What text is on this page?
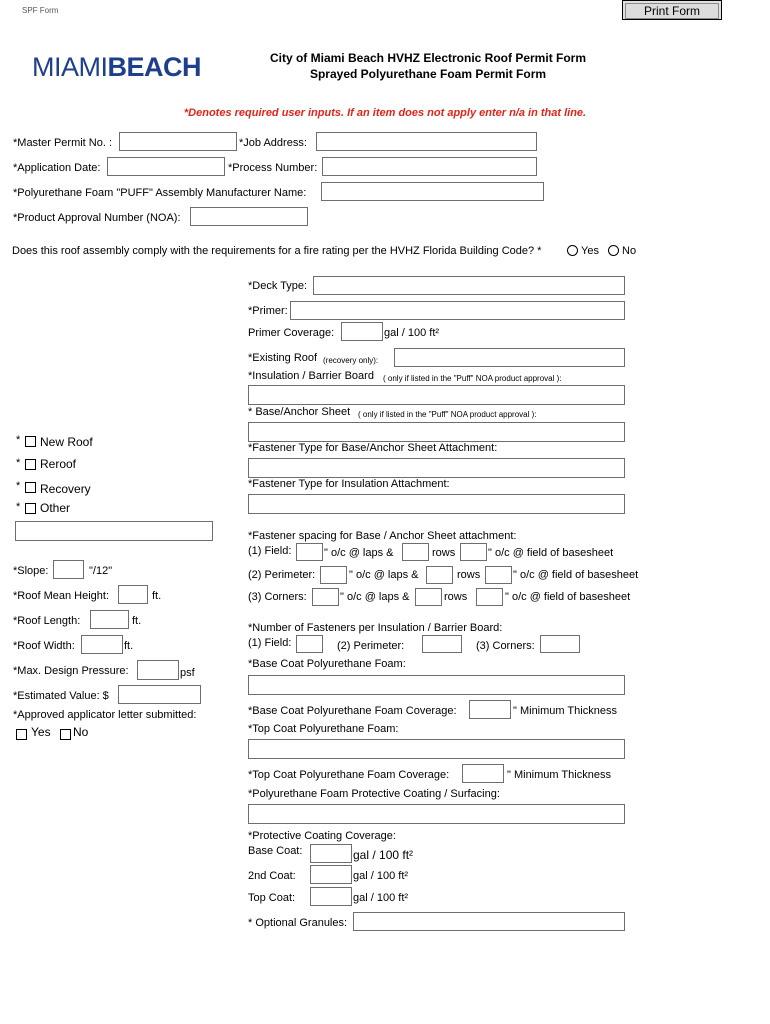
SPF Form	Print Form
MIAMIBEACH	City of Miami Beach HVHZ Electronic Roof Permit Form
Sprayed Polyurethane Foam Permit Form
*Denotes required user inputs. If an item does not apply enter n/a in that line.
*Master Permit No. :	*Job Address:
*Application Date:	*Process Number:
*Polyurethane Foam "PUFF" Assembly Manufacturer Name:
*Product Approval Number (NOA):
Does this roof assembly comply with the requirements for a fire rating per the HVHZ Florida Building Code? *	Yes No
*Deck Type:
*Primer:
Primer Coverage:	gal / 100 ft²
*Existing Roof (recovery only):
*Insulation / Barrier Board ( only if listed in the "Puff" NOA product approval ):
* Base/Anchor Sheet ( only if listed in the "Puff" NOA product approval ):
*Fastener Type for Base/Anchor Sheet Attachment:
*Fastener Type for Insulation Attachment:
*Fastener spacing for Base / Anchor Sheet attachment:
(1) Field:	" o/c @ laps &	rows	" o/c @ field of basesheet
(2) Perimeter:	" o/c @ laps &	rows	" o/c @ field of basesheet
(3) Corners:	" o/c @ laps &	rows	" o/c @ field of basesheet
*Number of Fasteners per Insulation / Barrier Board:
(1) Field:	(2) Perimeter:	(3) Corners:
*Base Coat Polyurethane Foam:
*Base Coat Polyurethane Foam Coverage:	" Minimum Thickness
*Top Coat Polyurethane Foam:
*Top Coat Polyurethane Foam Coverage:	" Minimum Thickness
*Polyurethane Foam Protective Coating / Surfacing:
*Protective Coating Coverage:
Base Coat:	gal / 100 ft²
2nd Coat:	gal / 100 ft²
Top Coat:	gal / 100 ft²
* Optional Granules:
* New Roof
* Reroof
* Recovery
* Other
*Slope:	"/12"
*Roof Mean Height:	ft.
*Roof Length:	ft.
*Roof Width:	ft.
*Max. Design Pressure:	psf
*Estimated Value: $
*Approved applicator letter submitted:
Yes No
